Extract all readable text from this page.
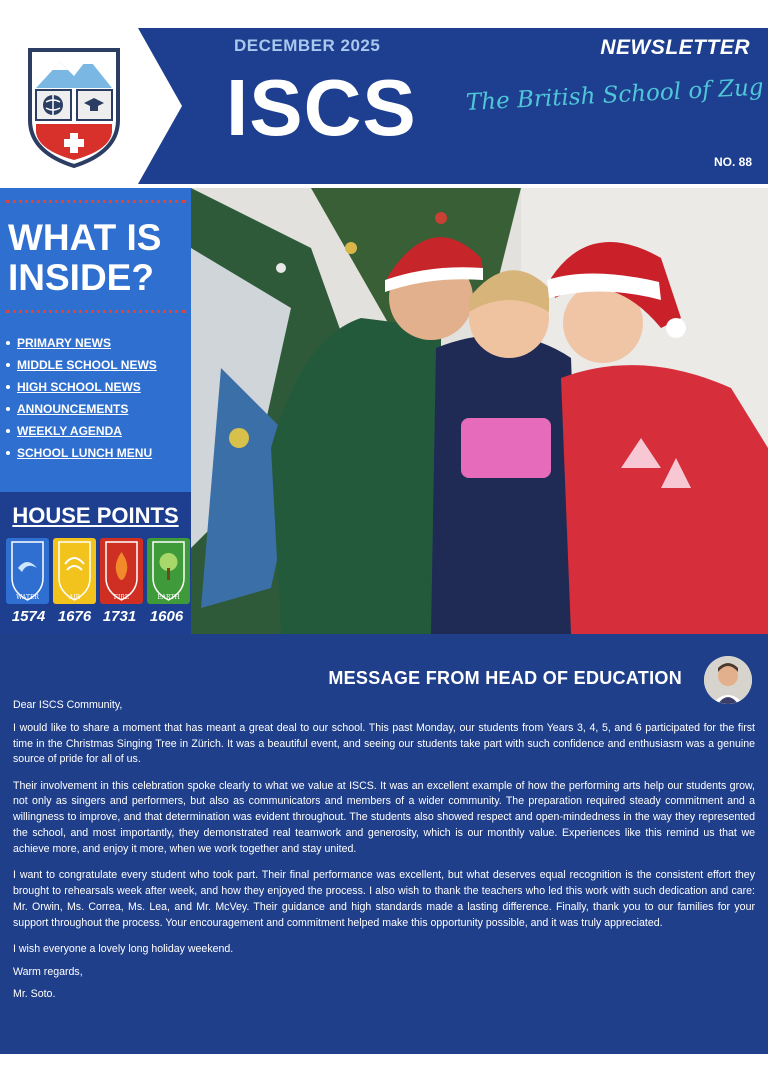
DECEMBER 2025
ISCS
NEWSLETTER
The British School of Zug
NO. 88
WHAT IS
INSIDE?
PRIMARY NEWS
MIDDLE SCHOOL NEWS
HIGH SCHOOL NEWS
ANNOUNCEMENTS
WEEKLY AGENDA
SCHOOL LUNCH MENU
HOUSE POINTS
WATER	AIR	FIRE	EARTH
1574 1676 1731 1606
MESSAGE FROM HEAD OF EDUCATION

Dear ISCS Community,

I would like to share a moment that has meant a great deal to our school. This past Monday, our students from Years 3, 4, 5, and 6 participated for the first time in the Christmas Singing Tree in Zürich. It was a beautiful event, and seeing our students take part with such confidence and enthusiasm was a genuine source of pride for all of us.

Their involvement in this celebration spoke clearly to what we value at ISCS. It was an excellent example of how the performing arts help our students grow, not only as singers and performers, but also as communicators and members of a wider community. The preparation required steady commitment and a willingness to improve, and that determination was evident throughout. The students also showed respect and open-mindedness in the way they represented the school, and most importantly, they demonstrated real teamwork and generosity, which is our monthly value. Experiences like this remind us that we achieve more, and enjoy it more, when we work together and stay united.

I want to congratulate every student who took part. Their final performance was excellent, but what deserves equal recognition is the consistent effort they brought to rehearsals week after week, and how they enjoyed the process. I also wish to thank the teachers who led this work with such dedication and care: Mr. Orwin, Ms. Correa, Ms. Lea, and Mr. McVey. Their guidance and high standards made a lasting difference. Finally, thank you to our families for your support throughout the process. Your encouragement and commitment helped make this opportunity possible, and it was truly appreciated.

I wish everyone a lovely long holiday weekend.

Warm regards,

Mr. Soto.
